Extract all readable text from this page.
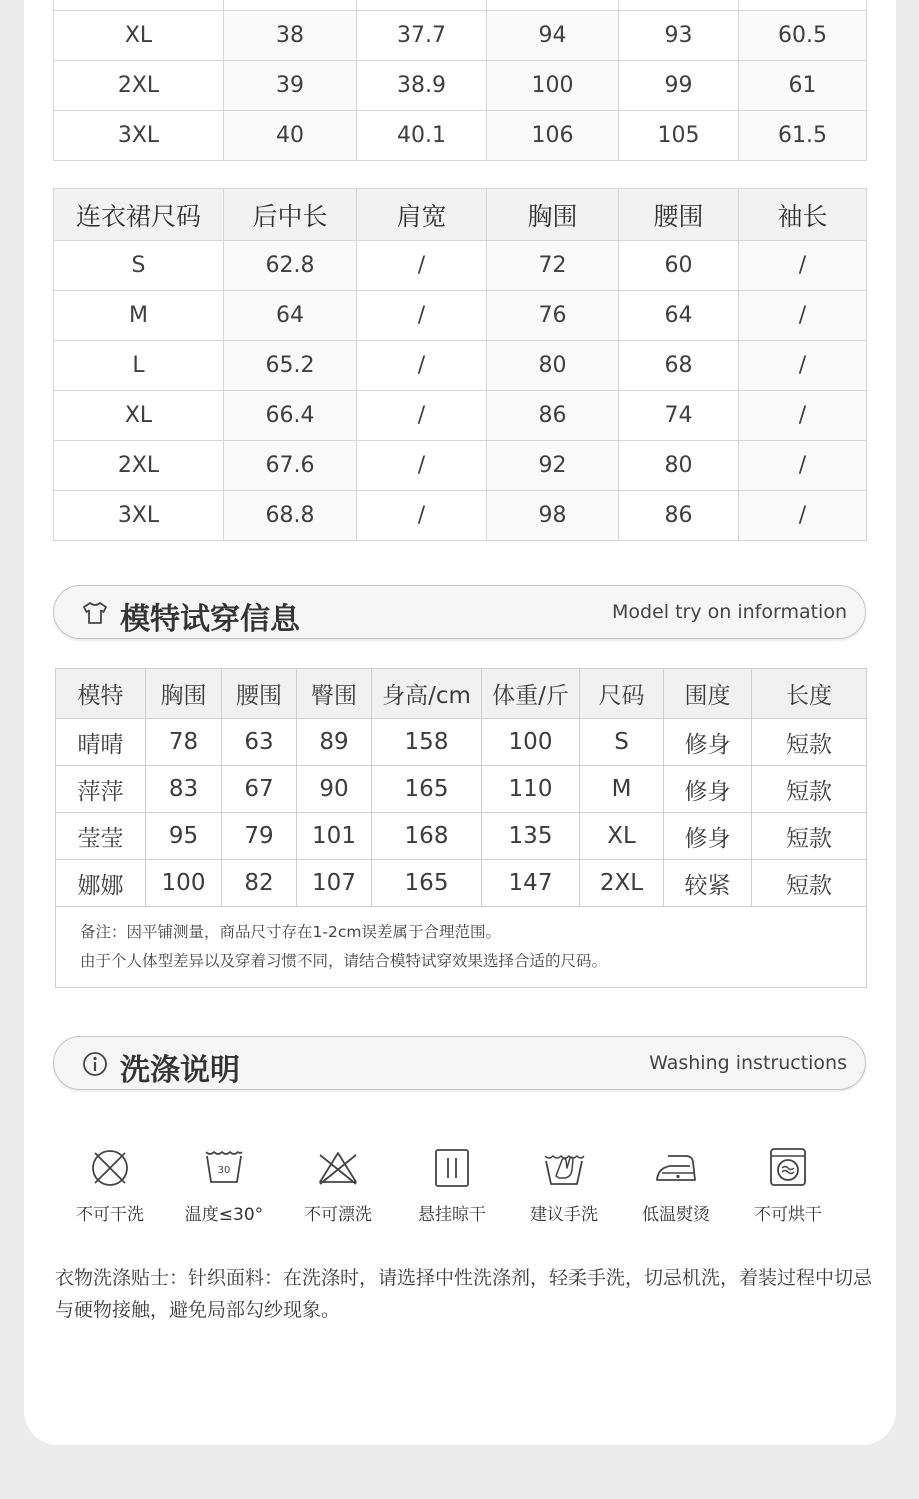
XL	38	37.7	94	93	60.5
2XL	39	38.9	100	99	61
3XL	40	40.1	106	105	61.5
连衣裙尺码	后中长	肩宽	胸围	腰围	袖长
S	62.8	/	72	60	/
M	64	/	76	64	/
L	65.2	/	80	68	/
XL	66.4	/	86	74	/
2XL	67.6	/	92	80	/
3XL	68.8	/	98	86	/
模特试穿信息	Model try on information
模特	胸围	腰围	臀围	身高/cm	体重/斤	尺码	围度	长度
晴晴	78	63	89	158	100	S	修身	短款
萍萍	83	67	90	165	110	M	修身	短款
莹莹	95	79	101	168	135	XL	修身	短款
娜娜	100	82	107	165	147	2XL	较紧	短款

备注：因平铺测量，商品尺寸存在1-2cm误差属于合理范围。
由于个人体型差异以及穿着习惯不同，请结合模特试穿效果选择合适的尺码。								
洗涤说明	Washing instructions
不可干洗
30
温度≤30°	不可漂洗	悬挂晾干	建议手洗	低温熨烫	不可烘干
衣物洗涤贴士：针织面料：在洗涤时，请选择中性洗涤剂，轻柔手洗，切忌机洗，着装过程中切忌与硬物接触，避免局部勾纱现象。
